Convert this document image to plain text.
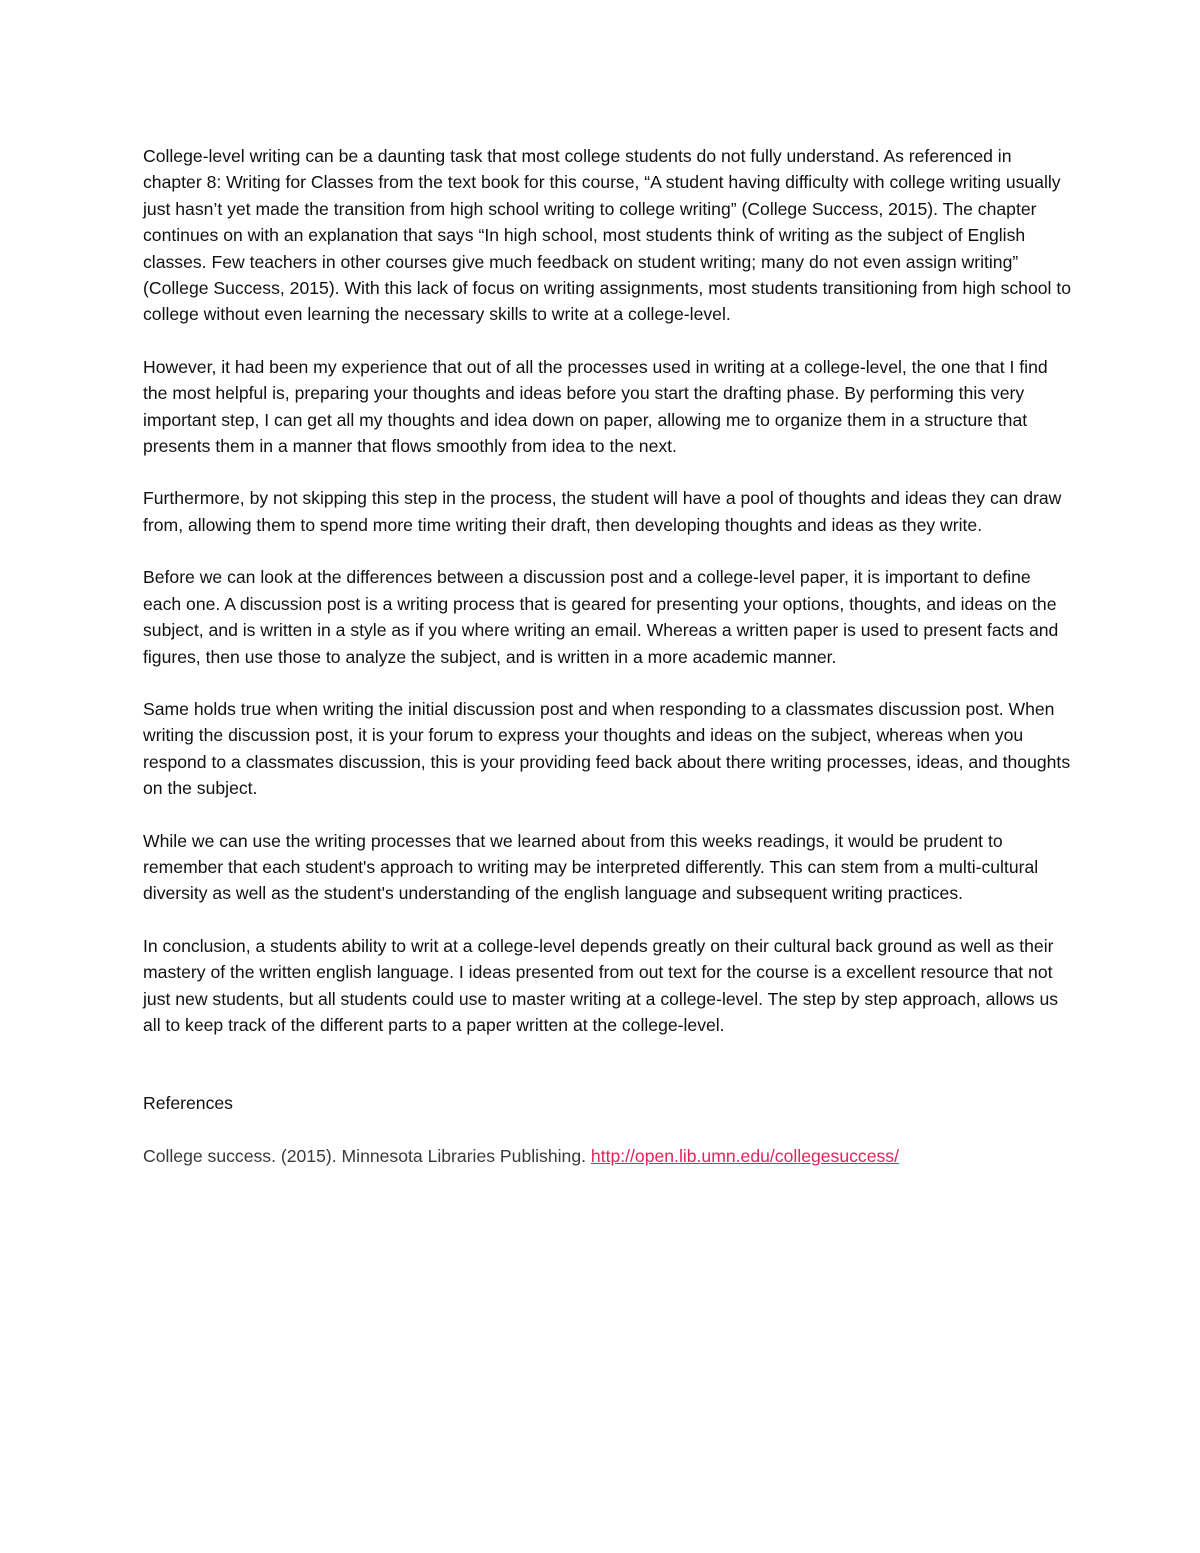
College-level writing can be a daunting task that most college students do not fully understand. As referenced in chapter 8: Writing for Classes from the text book for this course, “A student having difficulty with college writing usually just hasn’t yet made the transition from high school writing to college writing” (College Success, 2015). The chapter continues on with an explanation that says “In high school, most students think of writing as the subject of English classes. Few teachers in other courses give much feedback on student writing; many do not even assign writing” (College Success, 2015). With this lack of focus on writing assignments, most students transitioning from high school to college without even learning the necessary skills to write at a college-level.

However, it had been my experience that out of all the processes used in writing at a college-level, the one that I find the most helpful is, preparing your thoughts and ideas before you start the drafting phase. By performing this very important step, I can get all my thoughts and idea down on paper, allowing me to organize them in a structure that presents them in a manner that flows smoothly from idea to the next.

Furthermore, by not skipping this step in the process, the student will have a pool of thoughts and ideas they can draw from, allowing them to spend more time writing their draft, then developing thoughts and ideas as they write.

Before we can look at the differences between a discussion post and a college-level paper, it is important to define each one. A discussion post is a writing process that is geared for presenting your options, thoughts, and ideas on the subject, and is written in a style as if you where writing an email. Whereas a written paper is used to present facts and figures, then use those to analyze the subject, and is written in a more academic manner.

Same holds true when writing the initial discussion post and when responding to a classmates discussion post. When writing the discussion post, it is your forum to express your thoughts and ideas on the subject, whereas when you respond to a classmates discussion, this is your providing feed back about there writing processes, ideas, and thoughts on the subject.

While we can use the writing processes that we learned about from this weeks readings, it would be prudent to remember that each student's approach to writing may be interpreted differently. This can stem from a multi-cultural diversity as well as the student's understanding of the english language and subsequent writing practices.

In conclusion, a students ability to writ at a college-level depends greatly on their cultural back ground as well as their mastery of the written english language. I ideas presented from out text for the course is a excellent resource that not just new students, but all students could use to master writing at a college-level. The step by step approach, allows us all to keep track of the different parts to a paper written at the college-level.

References

College success. (2015). Minnesota Libraries Publishing. http://open.lib.umn.edu/collegesuccess/
